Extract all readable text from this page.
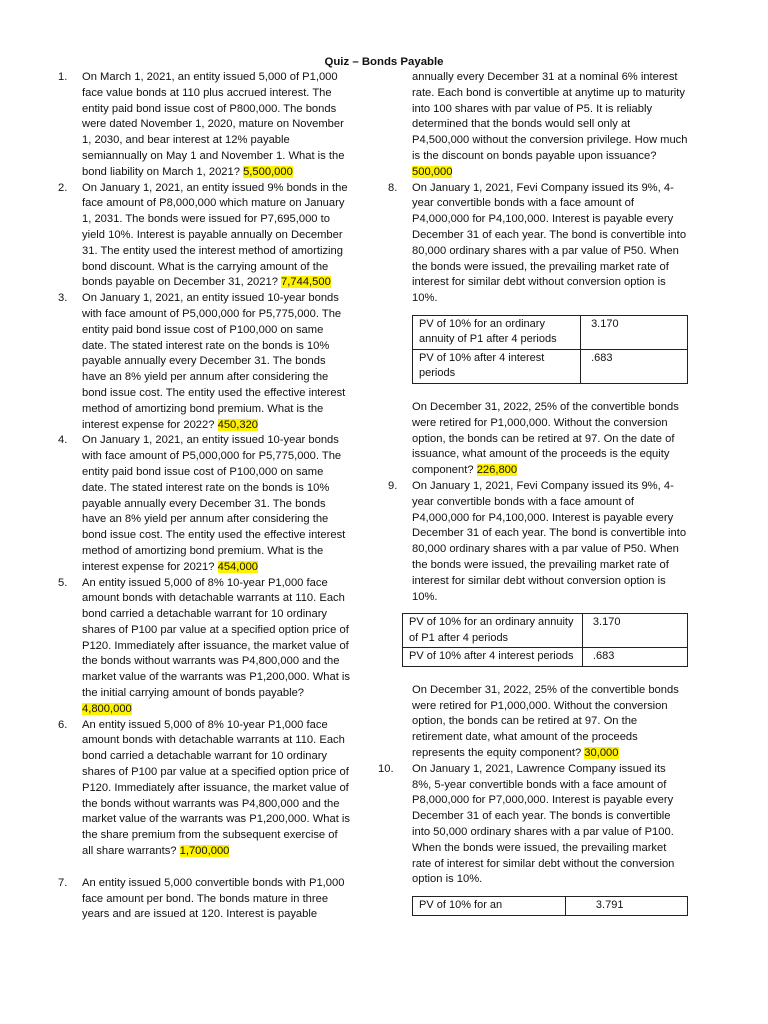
Quiz – Bonds Payable

1. On March 1, 2021, an entity issued 5,000 of P1,000 face value bonds at 110 plus accrued interest. The entity paid bond issue cost of P800,000. The bonds were dated November 1, 2020, mature on November 1, 2030, and bear interest at 12% payable semiannually on May 1 and November 1. What is the bond liability on March 1, 2021? 5,500,000

2. On January 1, 2021, an entity issued 9% bonds in the face amount of P8,000,000 which mature on January 1, 2031. The bonds were issued for P7,695,000 to yield 10%. Interest is payable annually on December 31. The entity used the interest method of amortizing bond discount. What is the carrying amount of the bonds payable on December 31, 2021? 7,744,500

3. On January 1, 2021, an entity issued 10-year bonds with face amount of P5,000,000 for P5,775,000. The entity paid bond issue cost of P100,000 on same date. The stated interest rate on the bonds is 10% payable annually every December 31. The bonds have an 8% yield per annum after considering the bond issue cost. The entity used the effective interest method of amortizing bond premium. What is the interest expense for 2022? 450,320

4. On January 1, 2021, an entity issued 10-year bonds with face amount of P5,000,000 for P5,775,000. The entity paid bond issue cost of P100,000 on same date. The stated interest rate on the bonds is 10% payable annually every December 31. The bonds have an 8% yield per annum after considering the bond issue cost. The entity used the effective interest method of amortizing bond premium. What is the interest expense for 2021? 454,000

5. An entity issued 5,000 of 8% 10-year P1,000 face amount bonds with detachable warrants at 110. Each bond carried a detachable warrant for 10 ordinary shares of P100 par value at a specified option price of P120. Immediately after issuance, the market value of the bonds without warrants was P4,800,000 and the market value of the warrants was P1,200,000. What is the initial carrying amount of bonds payable? 4,800,000

6. An entity issued 5,000 of 8% 10-year P1,000 face amount bonds with detachable warrants at 110. Each bond carried a detachable warrant for 10 ordinary shares of P100 par value at a specified option price of P120. Immediately after issuance, the market value of the bonds without warrants was P4,800,000 and the market value of the warrants was P1,200,000. What is the share premium from the subsequent exercise of all share warrants? 1,700,000

7. An entity issued 5,000 convertible bonds with P1,000 face amount per bond. The bonds mature in three years and are issued at 120. Interest is payable

annually every December 31 at a nominal 6% interest rate. Each bond is convertible at anytime up to maturity into 100 shares with par value of P5. It is reliably determined that the bonds would sell only at P4,500,000 without the conversion privilege. How much is the discount on bonds payable upon issuance? 500,000

8. On January 1, 2021, Fevi Company issued its 9%, 4-year convertible bonds with a face amount of P4,000,000 for P4,100,000. Interest is payable every December 31 of each year. The bond is convertible into 80,000 ordinary shares with a par value of P50. When the bonds were issued, the prevailing market rate of interest for similar debt without conversion option is 10%.

PV of 10% for an ordinary annuity of P1 after 4 periods	3.170
PV of 10% after 4 interest periods	.683

On December 31, 2022, 25% of the convertible bonds were retired for P1,000,000. Without the conversion option, the bonds can be retired at 97. On the date of issuance, what amount of the proceeds is the equity component? 226,800

9. On January 1, 2021, Fevi Company issued its 9%, 4-year convertible bonds with a face amount of P4,000,000 for P4,100,000. Interest is payable every December 31 of each year. The bond is convertible into 80,000 ordinary shares with a par value of P50. When the bonds were issued, the prevailing market rate of interest for similar debt without conversion option is 10%.

PV of 10% for an ordinary annuity of P1 after 4 periods	3.170
PV of 10% after 4 interest periods	.683

On December 31, 2022, 25% of the convertible bonds were retired for P1,000,000. Without the conversion option, the bonds can be retired at 97. On the retirement date, what amount of the proceeds represents the equity component? 30,000

10. On January 1, 2021, Lawrence Company issued its 8%, 5-year convertible bonds with a face amount of P8,000,000 for P7,000,000. Interest is payable every December 31 of each year. The bonds is convertible into 50,000 ordinary shares with a par value of P100. When the bonds were issued, the prevailing market rate of interest for similar debt without the conversion option is 10%.

PV of 10% for an	3.791
